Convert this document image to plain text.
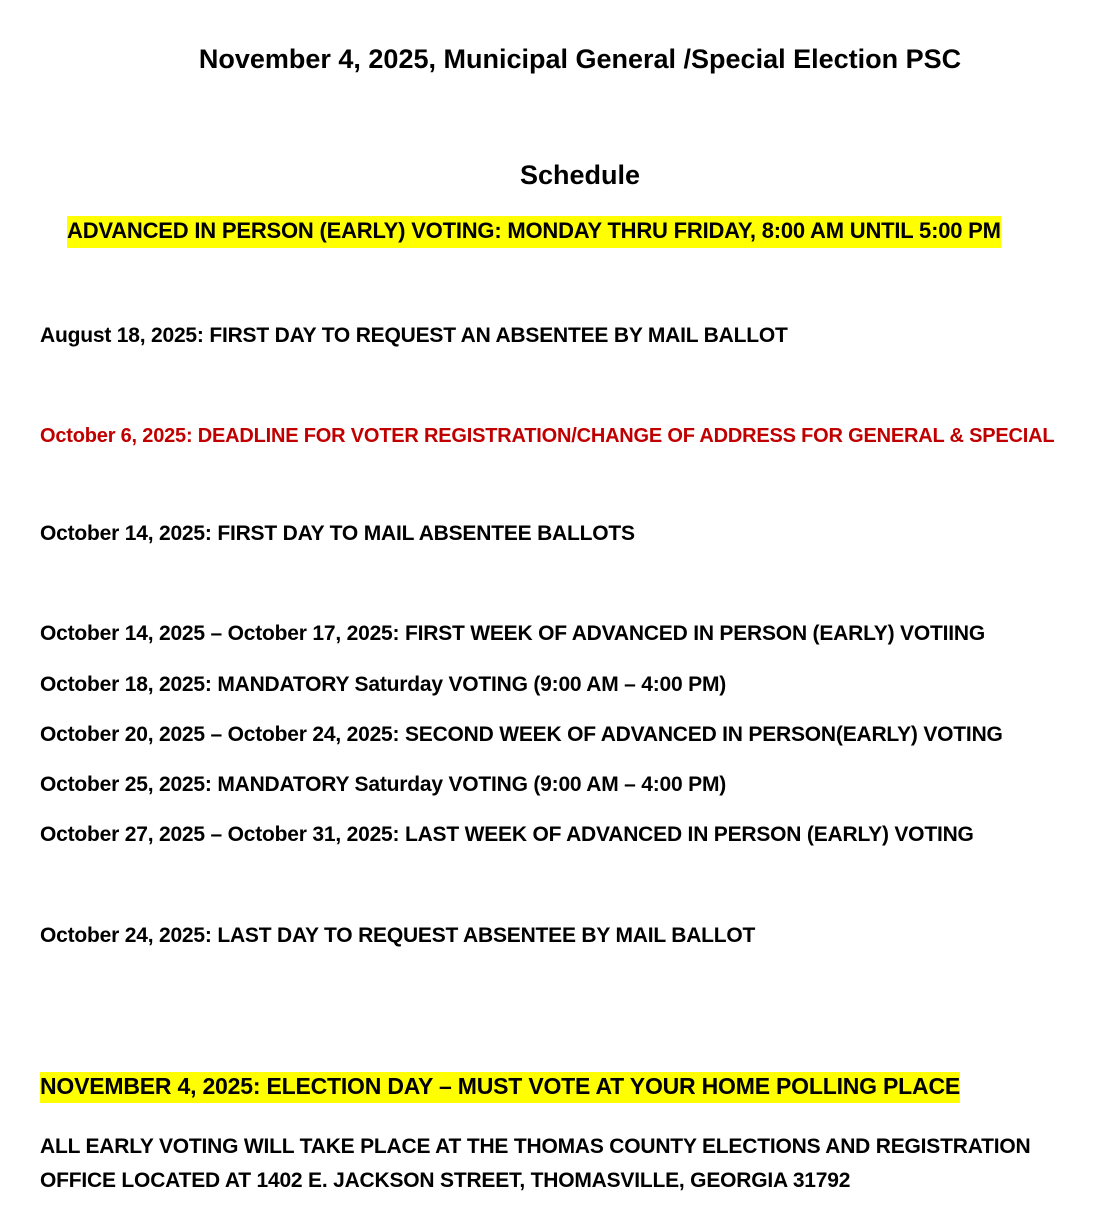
November 4, 2025, Municipal General /Special Election PSC
Schedule
ADVANCED IN PERSON (EARLY) VOTING: MONDAY THRU FRIDAY, 8:00 AM UNTIL 5:00 PM
August 18, 2025: FIRST DAY TO REQUEST AN ABSENTEE BY MAIL BALLOT
October 6, 2025: DEADLINE FOR VOTER REGISTRATION/CHANGE OF ADDRESS FOR GENERAL & SPECIAL
October 14, 2025: FIRST DAY TO MAIL ABSENTEE BALLOTS
October 14, 2025 – October 17, 2025: FIRST WEEK OF ADVANCED IN PERSON (EARLY) VOTIING
October 18, 2025: MANDATORY Saturday VOTING (9:00 AM – 4:00 PM)
October 20, 2025 – October 24, 2025: SECOND WEEK OF ADVANCED IN PERSON(EARLY) VOTING
October 25, 2025: MANDATORY Saturday VOTING (9:00 AM – 4:00 PM)
October 27, 2025 – October 31, 2025: LAST WEEK OF ADVANCED IN PERSON (EARLY) VOTING
October 24, 2025: LAST DAY TO REQUEST ABSENTEE BY MAIL BALLOT
NOVEMBER 4, 2025: ELECTION DAY – MUST VOTE AT YOUR HOME POLLING PLACE
ALL EARLY VOTING WILL TAKE PLACE AT THE THOMAS COUNTY ELECTIONS AND REGISTRATION OFFICE LOCATED AT 1402 E. JACKSON STREET, THOMASVILLE, GEORGIA 31792
